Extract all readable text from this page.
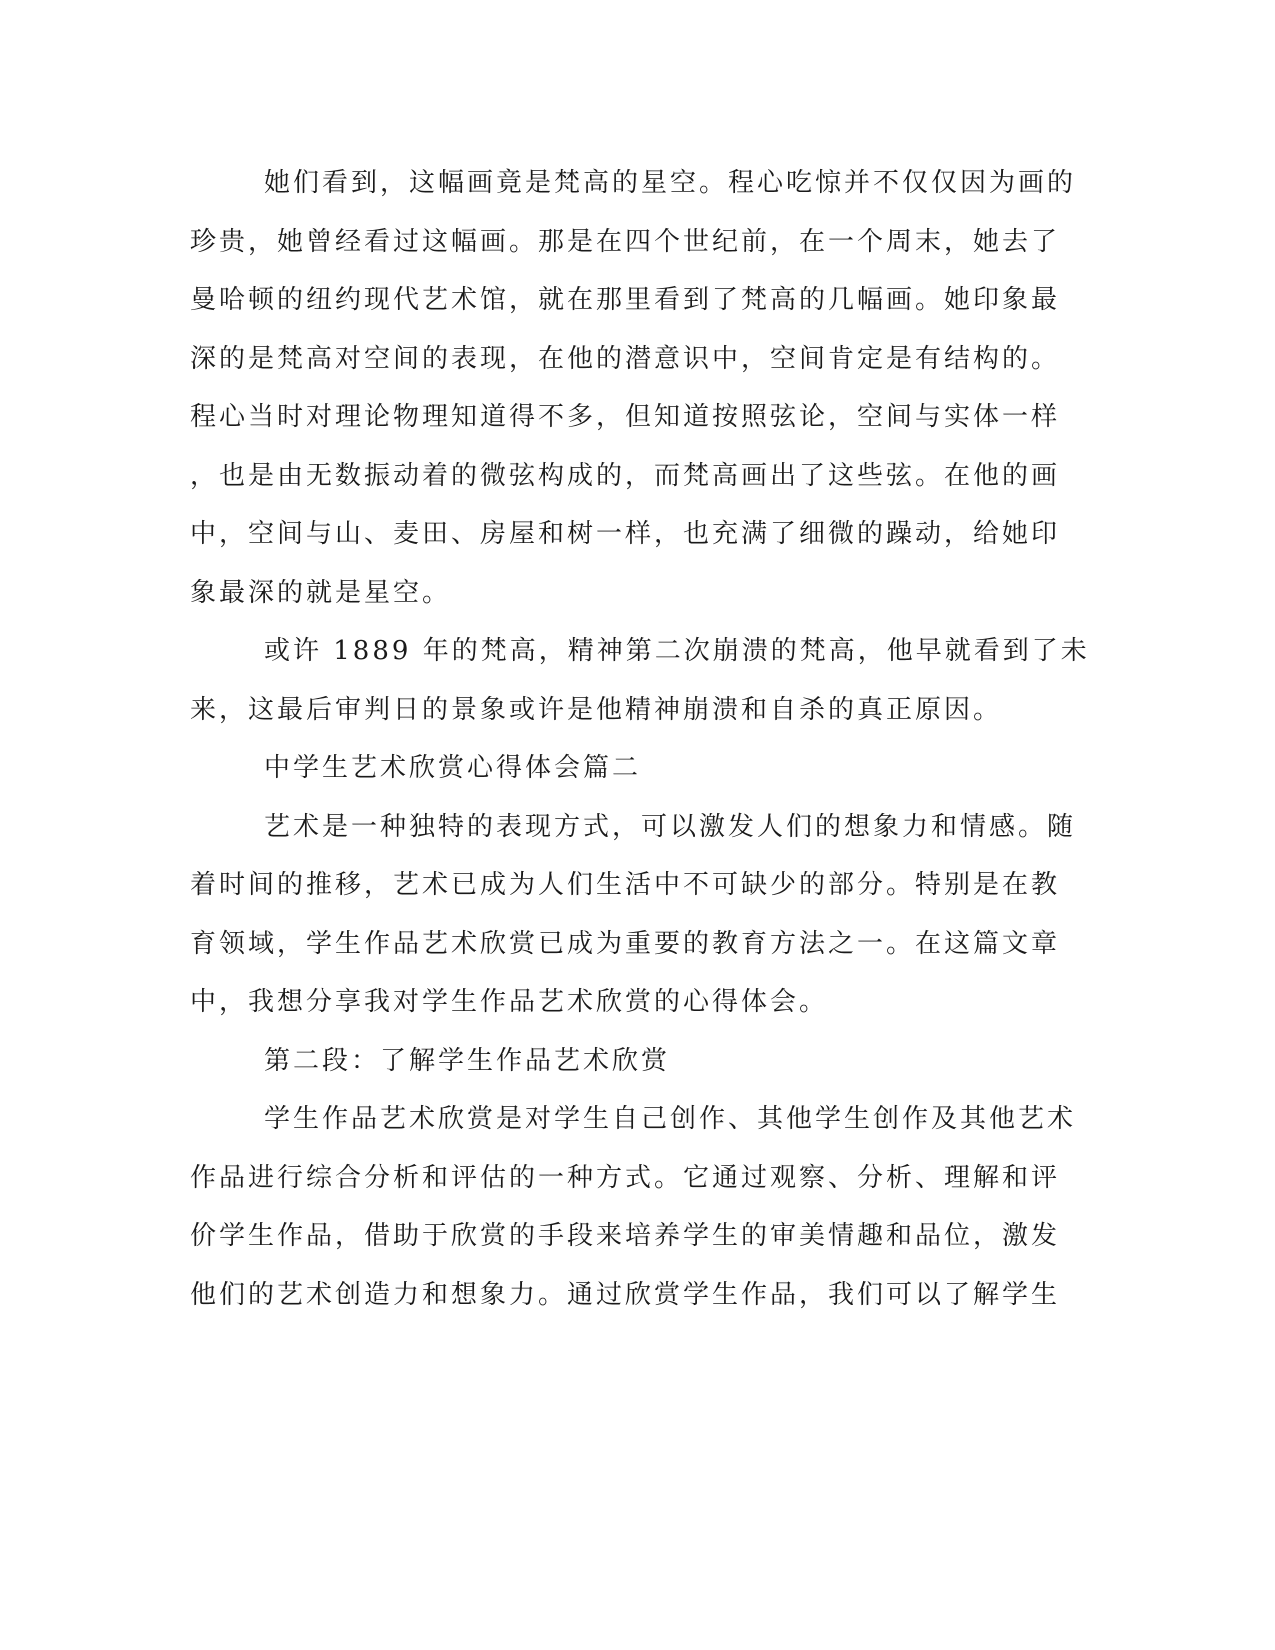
她们看到，这幅画竟是梵高的星空。程心吃惊并不仅仅因为画的
珍贵，她曾经看过这幅画。那是在四个世纪前，在一个周末，她去了
曼哈顿的纽约现代艺术馆，就在那里看到了梵高的几幅画。她印象最
深的是梵高对空间的表现，在他的潜意识中，空间肯定是有结构的。
程心当时对理论物理知道得不多，但知道按照弦论，空间与实体一样
，也是由无数振动着的微弦构成的，而梵高画出了这些弦。在他的画
中，空间与山、麦田、房屋和树一样，也充满了细微的躁动，给她印
象最深的就是星空。
或许 1889 年的梵高，精神第二次崩溃的梵高，他早就看到了未
来，这最后审判日的景象或许是他精神崩溃和自杀的真正原因。
中学生艺术欣赏心得体会篇二
艺术是一种独特的表现方式，可以激发人们的想象力和情感。随
着时间的推移，艺术已成为人们生活中不可缺少的部分。特别是在教
育领域，学生作品艺术欣赏已成为重要的教育方法之一。在这篇文章
中，我想分享我对学生作品艺术欣赏的心得体会。
第二段：了解学生作品艺术欣赏
学生作品艺术欣赏是对学生自己创作、其他学生创作及其他艺术
作品进行综合分析和评估的一种方式。它通过观察、分析、理解和评
价学生作品，借助于欣赏的手段来培养学生的审美情趣和品位，激发
他们的艺术创造力和想象力。通过欣赏学生作品，我们可以了解学生
